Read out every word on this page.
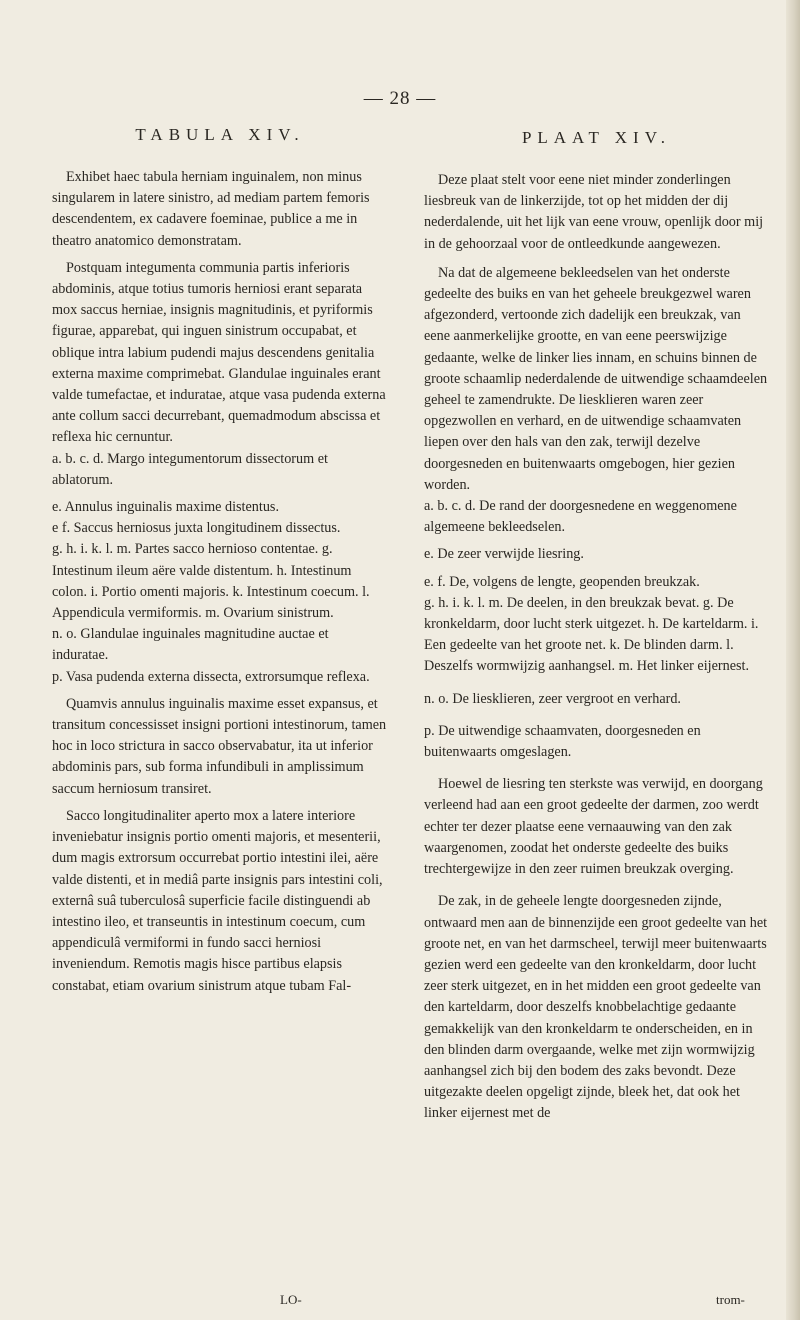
— 28 —
TABULA XIV.

Exhibet haec tabula herniam inguinalem, non minus singularem in latere sinistro, ad mediam partem femoris descendentem, ex cadavere foeminae, publice a me in theatro anatomico demonstratam.

Postquam integumenta communia partis inferioris abdominis, atque totius tumoris herniosi erant separata mox saccus herniae, insignis magnitudinis, et pyriformis figurae, apparebat, qui inguen sinistrum occupabat, et oblique intra labium pudendi majus descendens genitalia externa maxime comprimebat. Glandulae inguinales erant valde tumefactae, et induratae, atque vasa pudenda externa ante collum sacci decurrebant, quemadmodum abscissa et reflexa hic cernuntur.

a. b. c. d. Margo integumentorum dissectorum et ablatorum.

e. Annulus inguinalis maxime distentus.

e f. Saccus herniosus juxta longitudinem dissectus.

g. h. i. k. l. m. Partes sacco hernioso contentae. g. Intestinum ileum aëre valde distentum. h. Intestinum colon. i. Portio omenti majoris. k. Intestinum coecum. l. Appendicula vermiformis. m. Ovarium sinistrum.

n. o. Glandulae inguinales magnitudine auctae et induratae.

p. Vasa pudenda externa dissecta, extrorsumque reflexa.

Quamvis annulus inguinalis maxime esset expansus, et transitum concessisset insigni portioni intestinorum, tamen hoc in loco strictura in sacco observabatur, ita ut inferior abdominis pars, sub forma infundibuli in amplissimum saccum herniosum transiret.

Sacco longitudinaliter aperto mox a latere interiore inveniebatur insignis portio omenti majoris, et mesenterii, dum magis extrorsum occurrebat portio intestini ilei, aëre valde distenti, et in mediâ parte insignis pars intestini coli, externâ suâ tuberculosâ superficie facile distinguendi ab intestino ileo, et transeuntis in intestinum coecum, cum appendiculâ vermiformi in fundo sacci herniosi inveniendum. Remotis magis hisce partibus elapsis constabat, etiam ovarium sinistrum atque tubam Fal-

PLAAT XIV.

Deze plaat stelt voor eene niet minder zonderlingen liesbreuk van de linkerzijde, tot op het midden der dij nederdalende, uit het lijk van eene vrouw, openlijk door mij in de gehoorzaal voor de ontleedkunde aangewezen.

Na dat de algemeene bekleedselen van het onderste gedeelte des buiks en van het geheele breukgezwel waren afgezonderd, vertoonde zich dadelijk een breukzak, van eene aanmerkelijke grootte, en van eene peerswijzige gedaante, welke de linker lies innam, en schuins binnen de groote schaamlip nederdalende de uitwendige schaamdeelen geheel te zamendrukte. De liesklieren waren zeer opgezwollen en verhard, en de uitwendige schaamvaten liepen over den hals van den zak, terwijl dezelve doorgesneden en buitenwaarts omgebogen, hier gezien worden.

a. b. c. d. De rand der doorgesnedene en weggenomene algemeene bekleedselen.

e. De zeer verwijde liesring.

e. f. De, volgens de lengte, geopenden breukzak.

g. h. i. k. l. m. De deelen, in den breukzak bevat. g. De kronkeldarm, door lucht sterk uitgezet. h. De karteldarm. i. Een gedeelte van het groote net. k. De blinden darm. l. Deszelfs wormwijzig aanhangsel. m. Het linker eijernest.

n. o. De liesklieren, zeer vergroot en verhard.

p. De uitwendige schaamvaten, doorgesneden en buitenwaarts omgeslagen.

Hoewel de liesring ten sterkste was verwijd, en doorgang verleend had aan een groot gedeelte der darmen, zoo werdt echter ter dezer plaatse eene vernaauwing van den zak waargenomen, zoodat het onderste gedeelte des buiks trechtergewijze in den zeer ruimen breukzak overging.

De zak, in de geheele lengte doorgesneden zijnde, ontwaard men aan de binnenzijde een groot gedeelte van het groote net, en van het darmscheel, terwijl meer buitenwaarts gezien werd een gedeelte van den kronkeldarm, door lucht zeer sterk uitgezet, en in het midden een groot gedeelte van den karteldarm, door deszelfs knobbelachtige gedaante gemakkelijk van den kronkeldarm te onderscheiden, en in den blinden darm overgaande, welke met zijn wormwijzig aanhangsel zich bij den bodem des zaks bevondt. Deze uitgezakte deelen opgeligt zijnde, bleek het, dat ook het linker eijernest met de

LO-	trom-
